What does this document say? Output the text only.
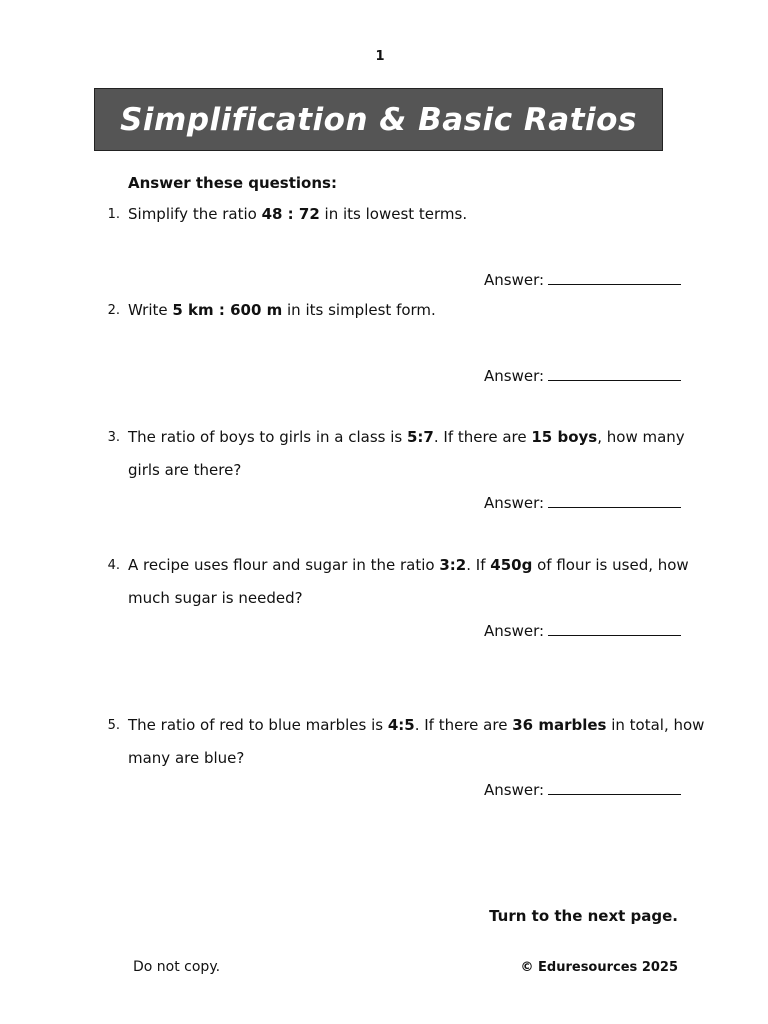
1
Simplification & Basic Ratios
Answer these questions:
1. Simplify the ratio 48 : 72 in its lowest terms.
Answer:
2. Write 5 km : 600 m in its simplest form.
Answer:
3. The ratio of boys to girls in a class is 5:7. If there are 15 boys, how many
girls are there?
Answer:
4. A recipe uses flour and sugar in the ratio 3:2. If 450g of flour is used, how
much sugar is needed?
Answer:
5. The ratio of red to blue marbles is 4:5. If there are 36 marbles in total, how
many are blue?
Answer:
Turn to the next page.
Do not copy.	© Eduresources 2025
